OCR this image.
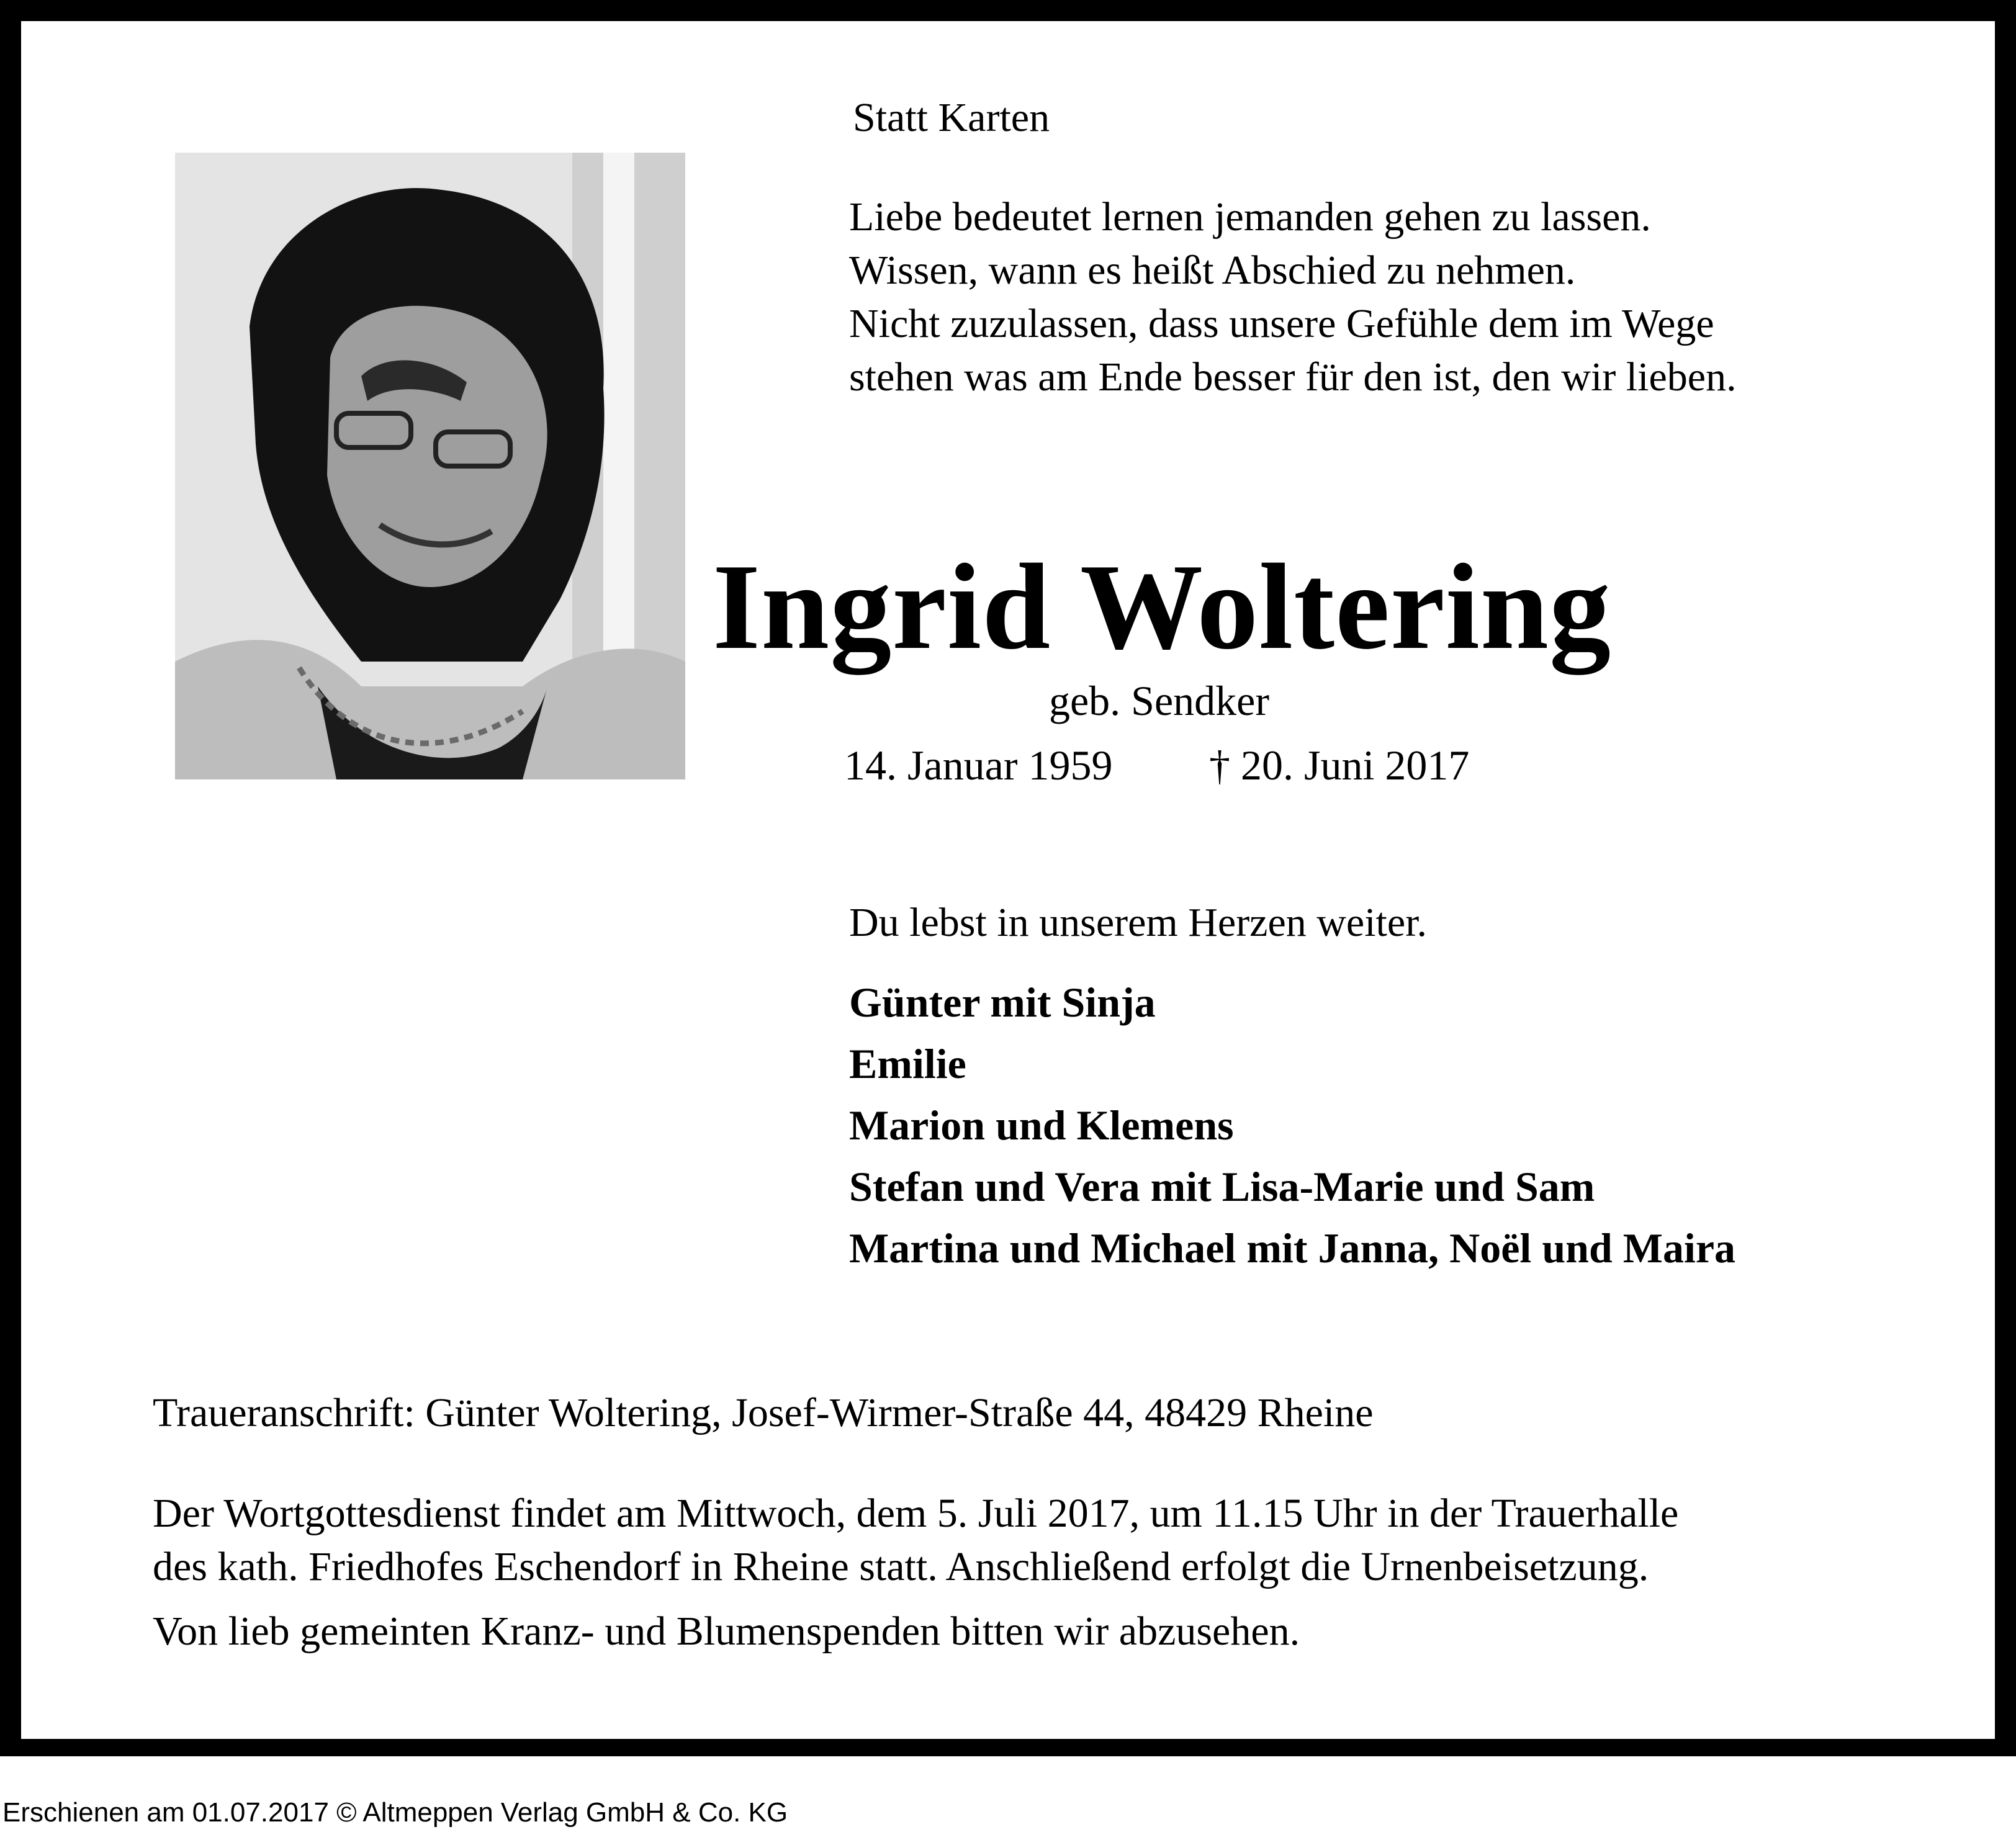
Statt Karten
Liebe bedeutet lernen jemanden gehen zu lassen.
Wissen, wann es heißt Abschied zu nehmen.
Nicht zuzulassen, dass unsere Gefühle dem im Wege
stehen was am Ende besser für den ist, den wir lieben.
Ingrid Woltering
geb. Sendker
14. Januar 1959 † 20. Juni 2017
Du lebst in unserem Herzen weiter.
Günter mit Sinja
Emilie
Marion und Klemens
Stefan und Vera mit Lisa-Marie und Sam
Martina und Michael mit Janna, Noël und Maira
Traueranschrift: Günter Woltering, Josef-Wirmer-Straße 44, 48429 Rheine
Der Wortgottesdienst findet am Mittwoch, dem 5. Juli 2017, um 11.15 Uhr in der Trauerhalle
des kath. Friedhofes Eschendorf in Rheine statt. Anschließend erfolgt die Urnenbeisetzung.
Von lieb gemeinten Kranz- und Blumenspenden bitten wir abzusehen.
Erschienen am 01.07.2017 © Altmeppen Verlag GmbH & Co. KG
